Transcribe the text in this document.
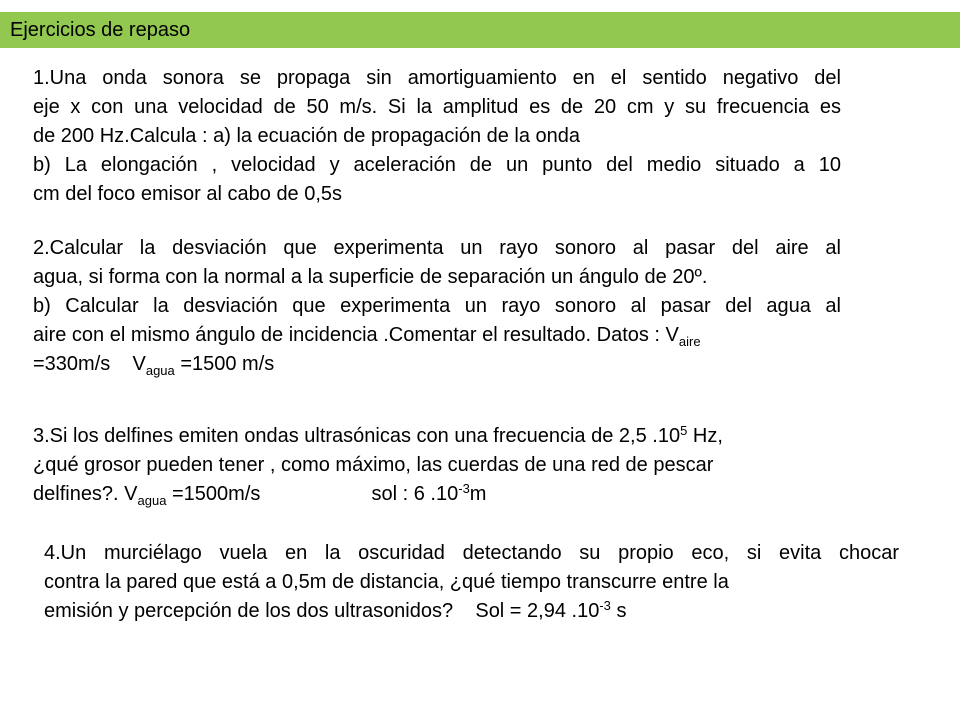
Ejercicios de repaso
1.Una onda sonora se propaga sin amortiguamiento en el sentido negativo del
eje x con una velocidad de 50 m/s. Si la amplitud es de 20 cm y su frecuencia es
de 200 Hz.Calcula : a) la ecuación de propagación de la onda
b) La elongación , velocidad y aceleración de un punto del medio situado a 10
cm del foco emisor al cabo de 0,5s
2.Calcular la desviación que experimenta un rayo sonoro al pasar del aire al
agua, si forma con la normal a la superficie de separación un ángulo de 20º.
b) Calcular la desviación que experimenta un rayo sonoro al pasar del agua al
aire con el mismo ángulo de incidencia .Comentar el resultado. Datos : $V_{aire}$
=330m/s    $V_{agua} =1500$ m/s
3.Si los delfines emiten ondas ultrasónicas con una frecuencia de 2,5 $.10^5$ Hz,
¿qué grosor pueden tener , como máximo, las cuerdas de una red de pescar
delfines?. $V_{agua} =1500m/s$                    sol : 6 $.10^{-3}m$
4.Un murciélago vuela en la oscuridad detectando su propio eco, si evita chocar
contra la pared que está a 0,5m de distancia, ¿qué tiempo transcurre entre la
emisión y percepción de los dos ultrasonidos?    Sol = 2,94 $.10^{-3}$ s
